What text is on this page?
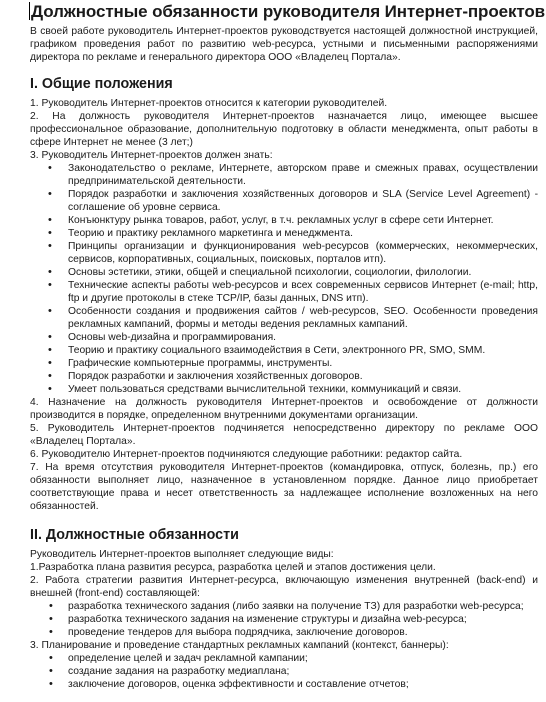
Должностные обязанности руководителя Интернет-проектов

В своей работе руководитель Интернет-проектов руководствуется настоящей должностной инструкцией, графиком проведения работ по развитию web-ресурса, устными и письменными распоряжениями директора по рекламе и генерального директора ООО «Владелец Портала».

I. Общие положения

1. Руководитель Интернет-проектов относится к категории руководителей.

2. На должность руководителя Интернет-проектов назначается лицо, имеющее высшее профессиональное образование, дополнительную подготовку в области менеджмента, опыт работы в сфере Интернет не менее (3 лет;)

3. Руководитель Интернет-проектов должен знать:

• Законодательство о рекламе, Интернете, авторском праве и смежных правах, осуществлении предпринимательской деятельности.
• Порядок разработки и заключения хозяйственных договоров и SLA (Service Level Agreement) - соглашение об уровне сервиса.
• Конъюнктуру рынка товаров, работ, услуг, в т.ч. рекламных услуг в сфере сети Интернет.
• Теорию и практику рекламного маркетинга и менеджмента.
• Принципы организации и функционирования web-ресурсов (коммерческих, некоммерческих, сервисов, корпоративных, социальных, поисковых, порталов итп).
• Основы эстетики, этики, общей и специальной психологии, социологии, филологии.
• Технические аспекты работы web-ресурсов и всех современных сервисов Интернет (e-mail; http, ftp и другие протоколы в стеке TCP/IP, базы данных, DNS итп).
• Особенности создания и продвижения сайтов / web-ресурсов, SEO. Особенности проведения рекламных кампаний, формы и методы ведения рекламных кампаний.
• Основы web-дизайна и программирования.
• Теорию и практику социального взаимодействия в Сети, электронного PR, SMO, SMM.
• Графические компьютерные программы, инструменты.
• Порядок разработки и заключения хозяйственных договоров.
• Умеет пользоваться средствами вычислительной техники, коммуникаций и связи.

4. Назначение на должность руководителя Интернет-проектов и освобождение от должности производится в порядке, определенном внутренними документами организации.

5. Руководитель Интернет-проектов подчиняется непосредственно директору по рекламе ООО «Владелец Портала».

6. Руководителю Интернет-проектов подчиняются следующие работники: редактор сайта.

7. На время отсутствия руководителя Интернет-проектов (командировка, отпуск, болезнь, пр.) его обязанности выполняет лицо, назначенное в установленном порядке. Данное лицо приобретает соответствующие права и несет ответственность за надлежащее исполнение возложенных на него обязанностей.

II. Должностные обязанности

Руководитель Интернет-проектов выполняет следующие виды:

1.Разработка плана развития ресурса, разработка целей и этапов достижения цели.

2. Работа стратегии развития Интернет-ресурса, включающую изменения внутренней (back-end) и внешней (front-end) составляющей:

• разработка технического задания (либо заявки на получение ТЗ) для разработки web-ресурса;
• разработка технического задания на изменение структуры и дизайна web-ресурса;
• проведение тендеров для выбора подрядчика, заключение договоров.

3. Планирование и проведение стандартных рекламных кампаний (контекст, баннеры):

• определение целей и задач рекламной кампании;
• создание задания на разработку медиаплана;
• заключение договоров, оценка эффективности и составление отчетов;
